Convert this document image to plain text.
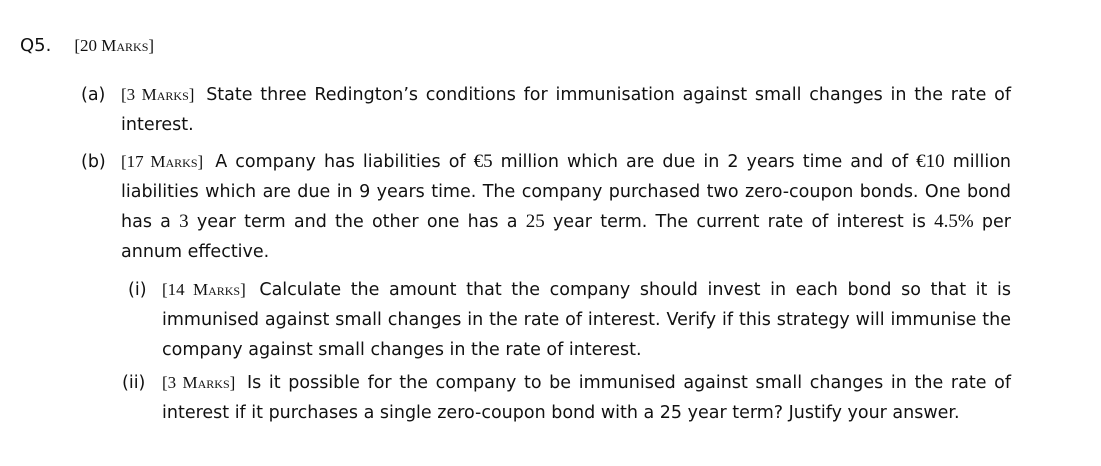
Q5. [20 Marks]
(a) [3 Marks] State three Redington’s conditions for immunisation against small changes in the rate of interest.
(b) [17 Marks] A company has liabilities of €5 million which are due in 2 years time and of €10 million liabilities which are due in 9 years time. The company purchased two zero-coupon bonds. One bond has a 3 year term and the other one has a 25 year term. The current rate of interest is 4.5% per annum effective.
(i) [14 Marks] Calculate the amount that the company should invest in each bond so that it is immunised against small changes in the rate of interest. Verify if this strategy will immunise the company against small changes in the rate of interest.
(ii) [3 Marks] Is it possible for the company to be immunised against small changes in the rate of interest if it purchases a single zero-coupon bond with a 25 year term? Justify your answer.
